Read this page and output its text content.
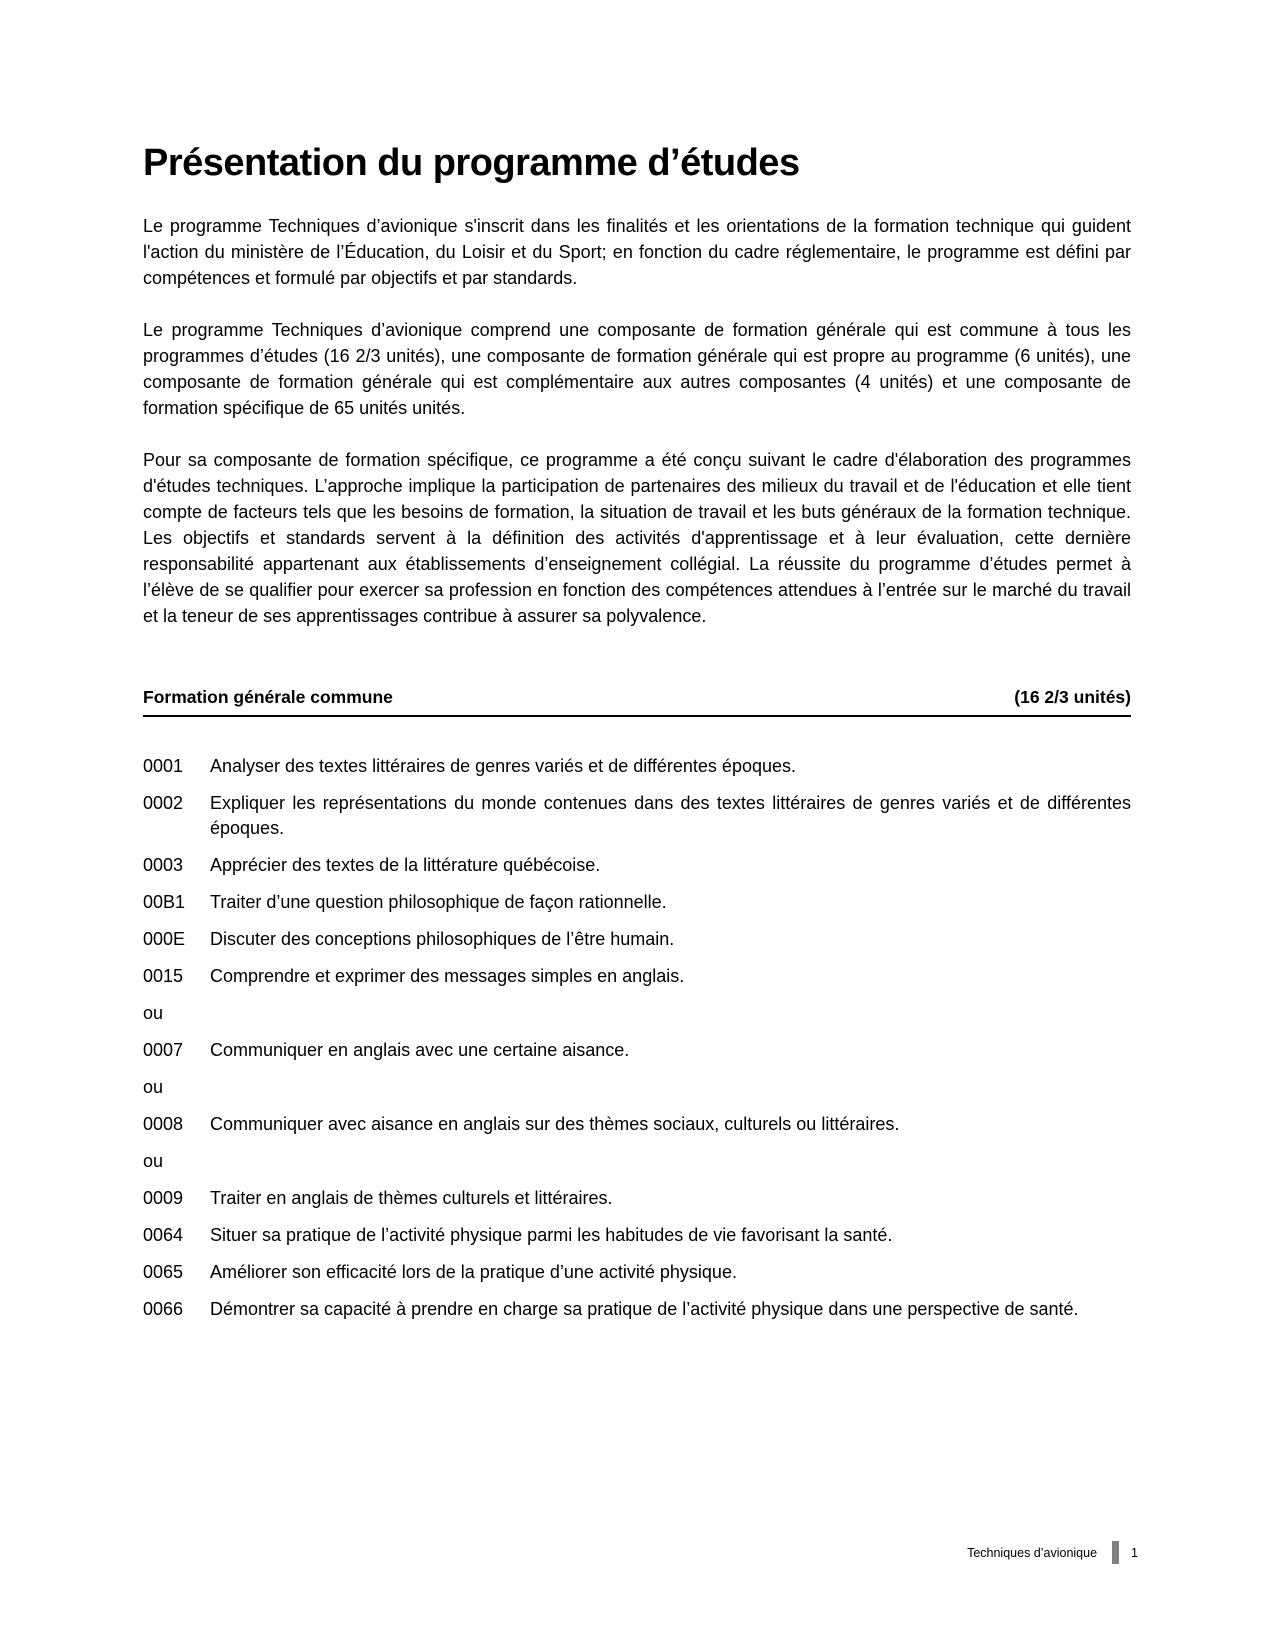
Présentation du programme d’études

Le programme Techniques d’avionique s'inscrit dans les finalités et les orientations de la formation technique qui guident l'action du ministère de l’Éducation, du Loisir et du Sport; en fonction du cadre réglementaire, le programme est défini par compétences et formulé par objectifs et par standards.

Le programme Techniques d’avionique comprend une composante de formation générale qui est commune à tous les programmes d’études (16 2/3 unités), une composante de formation générale qui est propre au programme (6 unités), une composante de formation générale qui est complémentaire aux autres composantes (4 unités) et une composante de formation spécifique de 65 unités unités.

Pour sa composante de formation spécifique, ce programme a été conçu suivant le cadre d'élaboration des programmes d'études techniques. L’approche implique la participation de partenaires des milieux du travail et de l'éducation et elle tient compte de facteurs tels que les besoins de formation, la situation de travail et les buts généraux de la formation technique. Les objectifs et standards servent à la définition des activités d'apprentissage et à leur évaluation, cette dernière responsabilité appartenant aux établissements d’enseignement collégial. La réussite du programme d’études permet à l’élève de se qualifier pour exercer sa profession en fonction des compétences attendues à l’entrée sur le marché du travail et la teneur de ses apprentissages contribue à assurer sa polyvalence.

Formation générale commune	(16 2/3 unités)
0001	Analyser des textes littéraires de genres variés et de différentes époques.
0002	Expliquer les représentations du monde contenues dans des textes littéraires de genres variés et de différentes époques.
0003	Apprécier des textes de la littérature québécoise.
00B1	Traiter d’une question philosophique de façon rationnelle.
000E	Discuter des conceptions philosophiques de l’être humain.
0015	Comprendre et exprimer des messages simples en anglais.
ou
0007	Communiquer en anglais avec une certaine aisance.
ou
0008	Communiquer avec aisance en anglais sur des thèmes sociaux, culturels ou littéraires.
ou
0009	Traiter en anglais de thèmes culturels et littéraires.
0064	Situer sa pratique de l’activité physique parmi les habitudes de vie favorisant la santé.
0065	Améliorer son efficacité lors de la pratique d’une activité physique.
0066	Démontrer sa capacité à prendre en charge sa pratique de l’activité physique dans une perspective de santé.
Techniques d’avionique	1
